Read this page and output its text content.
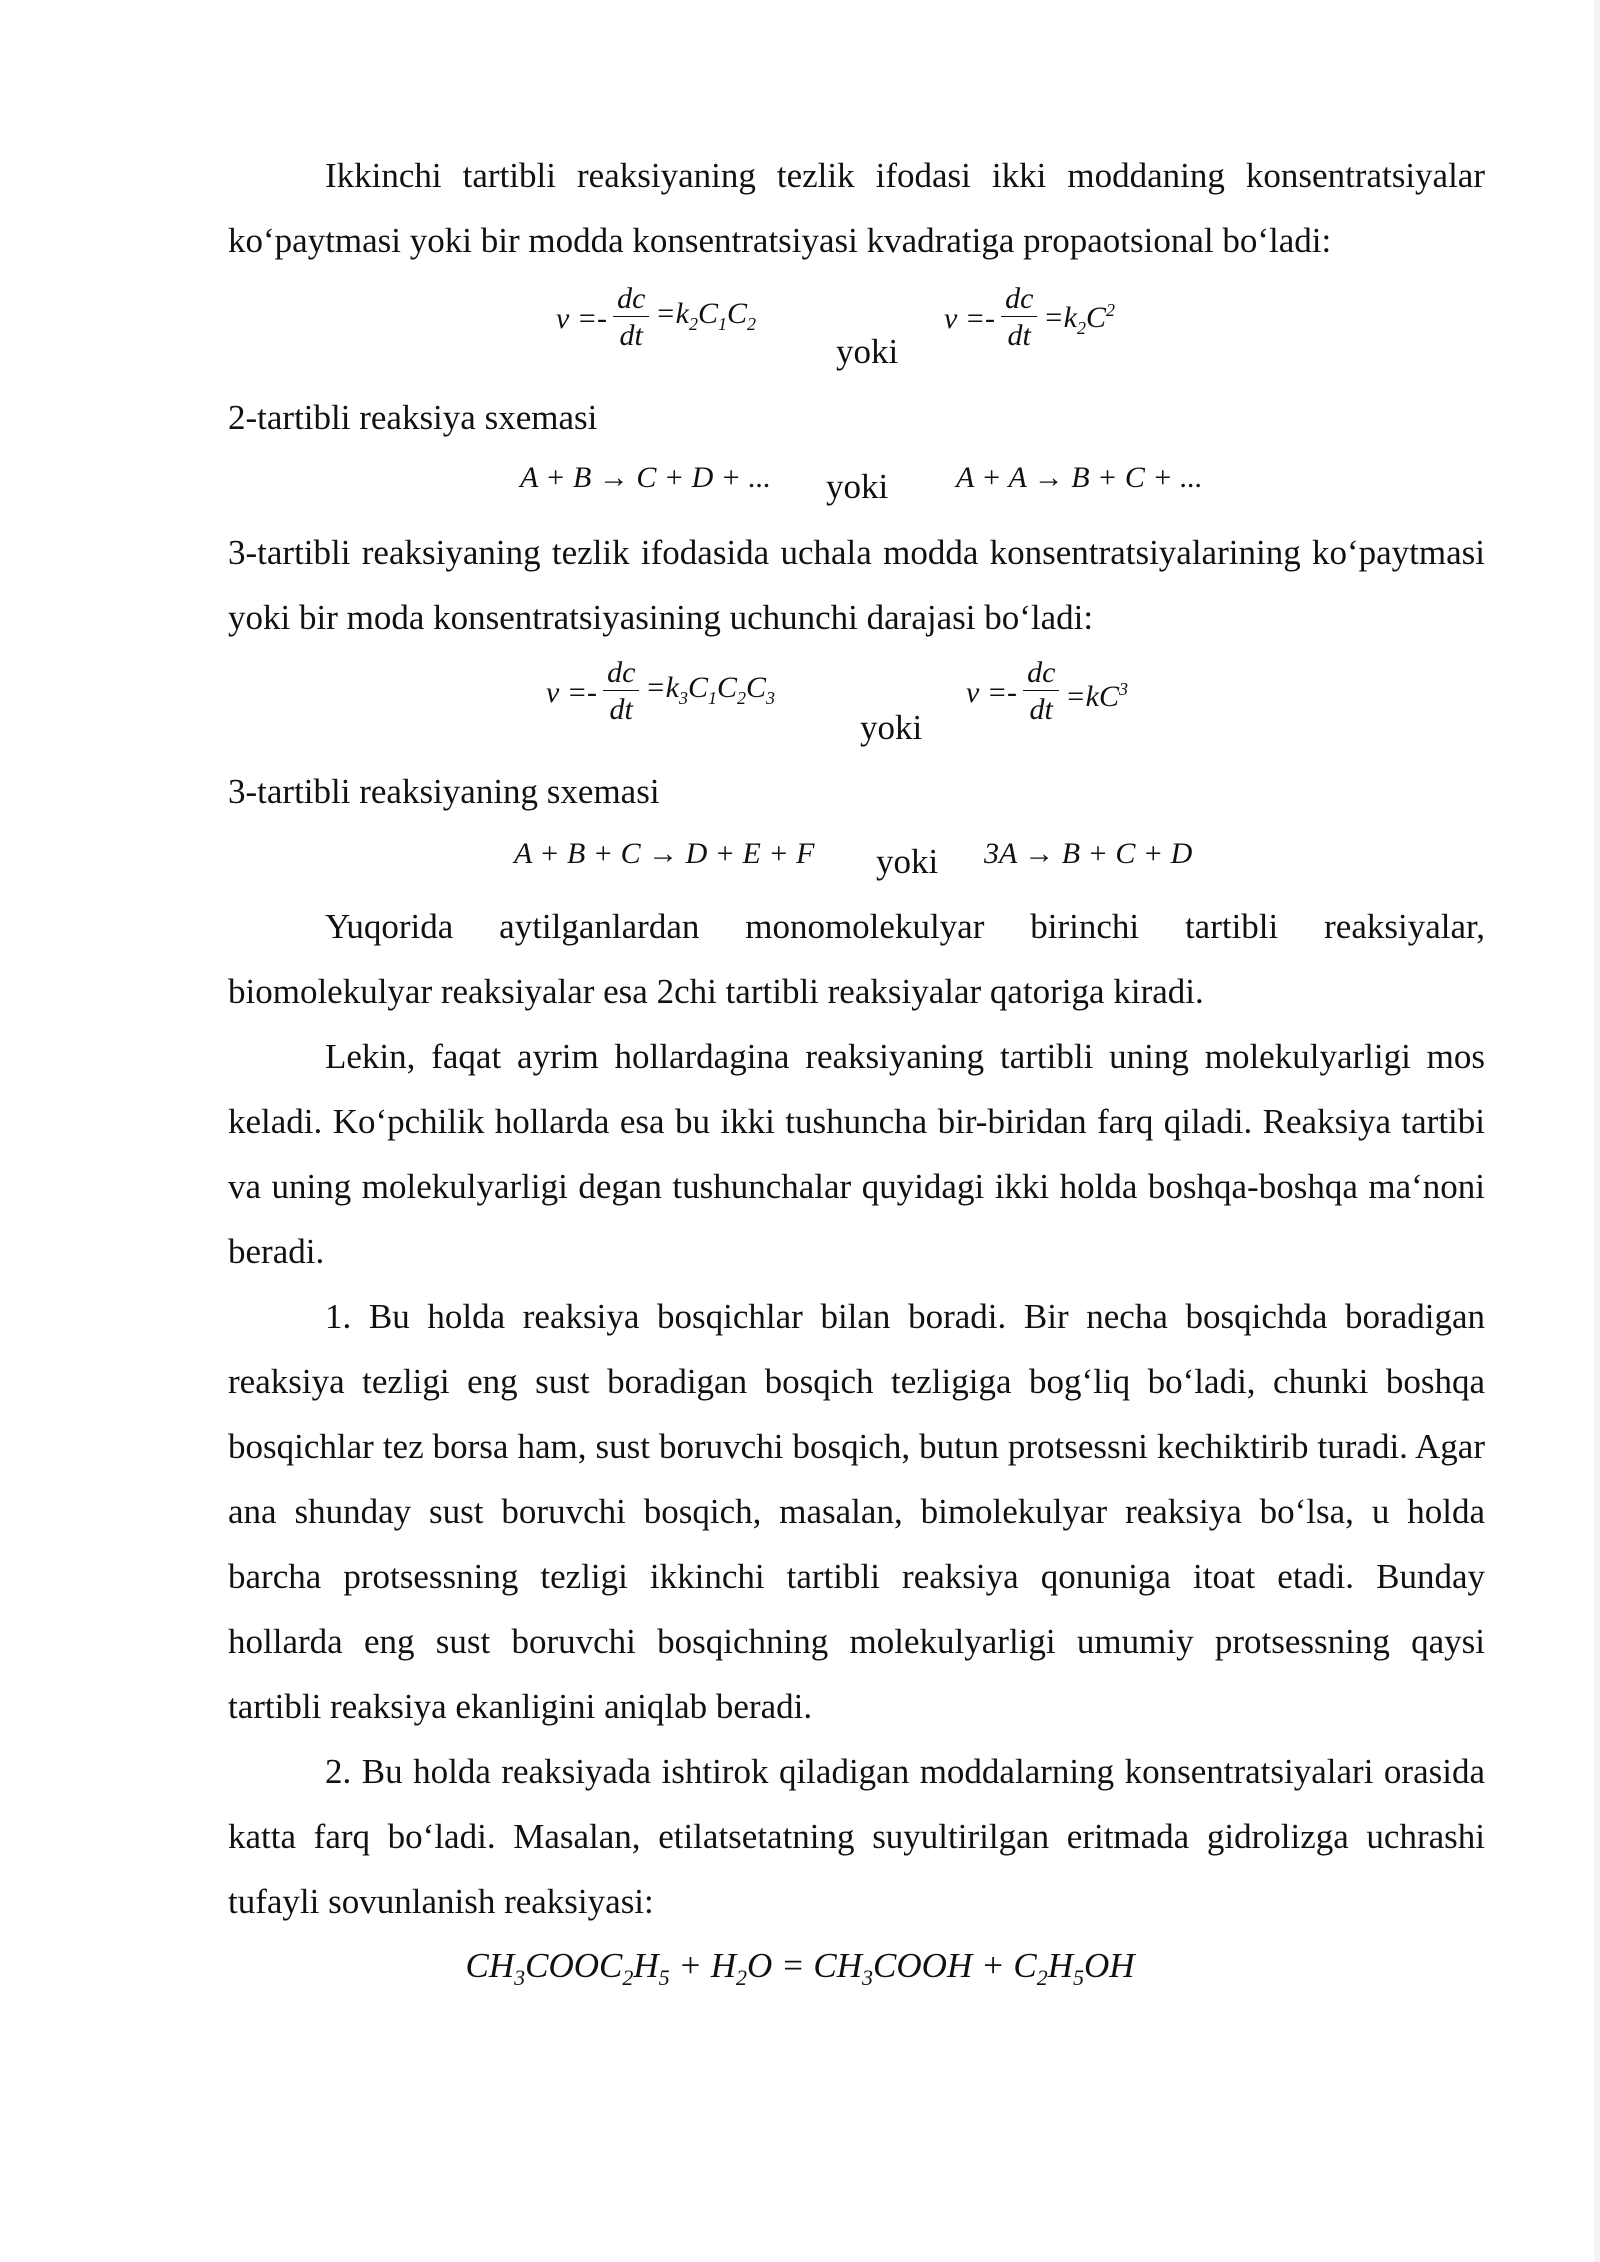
Ikkinchi tartibli reaksiyaning tezlik ifodasi ikki moddaning konsentratsiyalar ko‘paytmasi yoki bir modda konsentratsiyasi kvadratiga propaotsional bo‘ladi:

$\nu =- \frac{dc}{dt} =k_2C_1C_2$
yoki
$\nu =- \frac{dc}{dt} =k_2C^2$

2-tartibli reaksiya sxemasi

A + B → C + D + ... yoki A + A → B + C + ...

3-tartibli reaksiyaning tezlik ifodasida uchala modda konsentratsiyalarining ko‘paytmasi yoki bir moda konsentratsiyasining uchunchi darajasi bo‘ladi:

$\nu =- \frac{dc}{dt} =k_3C_1C_2C_3$
yoki
$\nu =- \frac{dc}{dt} =kC^3$

3-tartibli reaksiyaning sxemasi

A + B + C → D + E + F yoki 3A → B + C + D

Yuqorida aytilganlardan monomolekulyar birinchi tartibli reaksiyalar, biomolekulyar reaksiyalar esa 2chi tartibli reaksiyalar qatoriga kiradi.

Lekin, faqat ayrim hollardagina reaksiyaning tartibli uning molekulyarligi mos keladi. Ko‘pchilik hollarda esa bu ikki tushuncha bir-biridan farq qiladi. Reaksiya tartibi va uning molekulyarligi degan tushunchalar quyidagi ikki holda boshqa-boshqa ma‘noni beradi.

1. Bu holda reaksiya bosqichlar bilan boradi. Bir necha bosqichda boradigan reaksiya tezligi eng sust boradigan bosqich tezligiga bog‘liq bo‘ladi, chunki boshqa bosqichlar tez borsa ham, sust boruvchi bosqich, butun protsessni kechiktirib turadi. Agar ana shunday sust boruvchi bosqich, masalan, bimolekulyar reaksiya bo‘lsa, u holda barcha protsessning tezligi ikkinchi tartibli reaksiya qonuniga itoat etadi. Bunday hollarda eng sust boruvchi bosqichning molekulyarligi umumiy protsessning qaysi tartibli reaksiya ekanligini aniqlab beradi.

2. Bu holda reaksiyada ishtirok qiladigan moddalarning konsentratsiyalari orasida katta farq bo‘ladi. Masalan, etilatsetatning suyultirilgan eritmada gidrolizga uchrashi tufayli sovunlanish reaksiyasi:

$CH_3COOC_2H_5 + H_2O$ = $CH_3COOH + C_2H_5OH$
